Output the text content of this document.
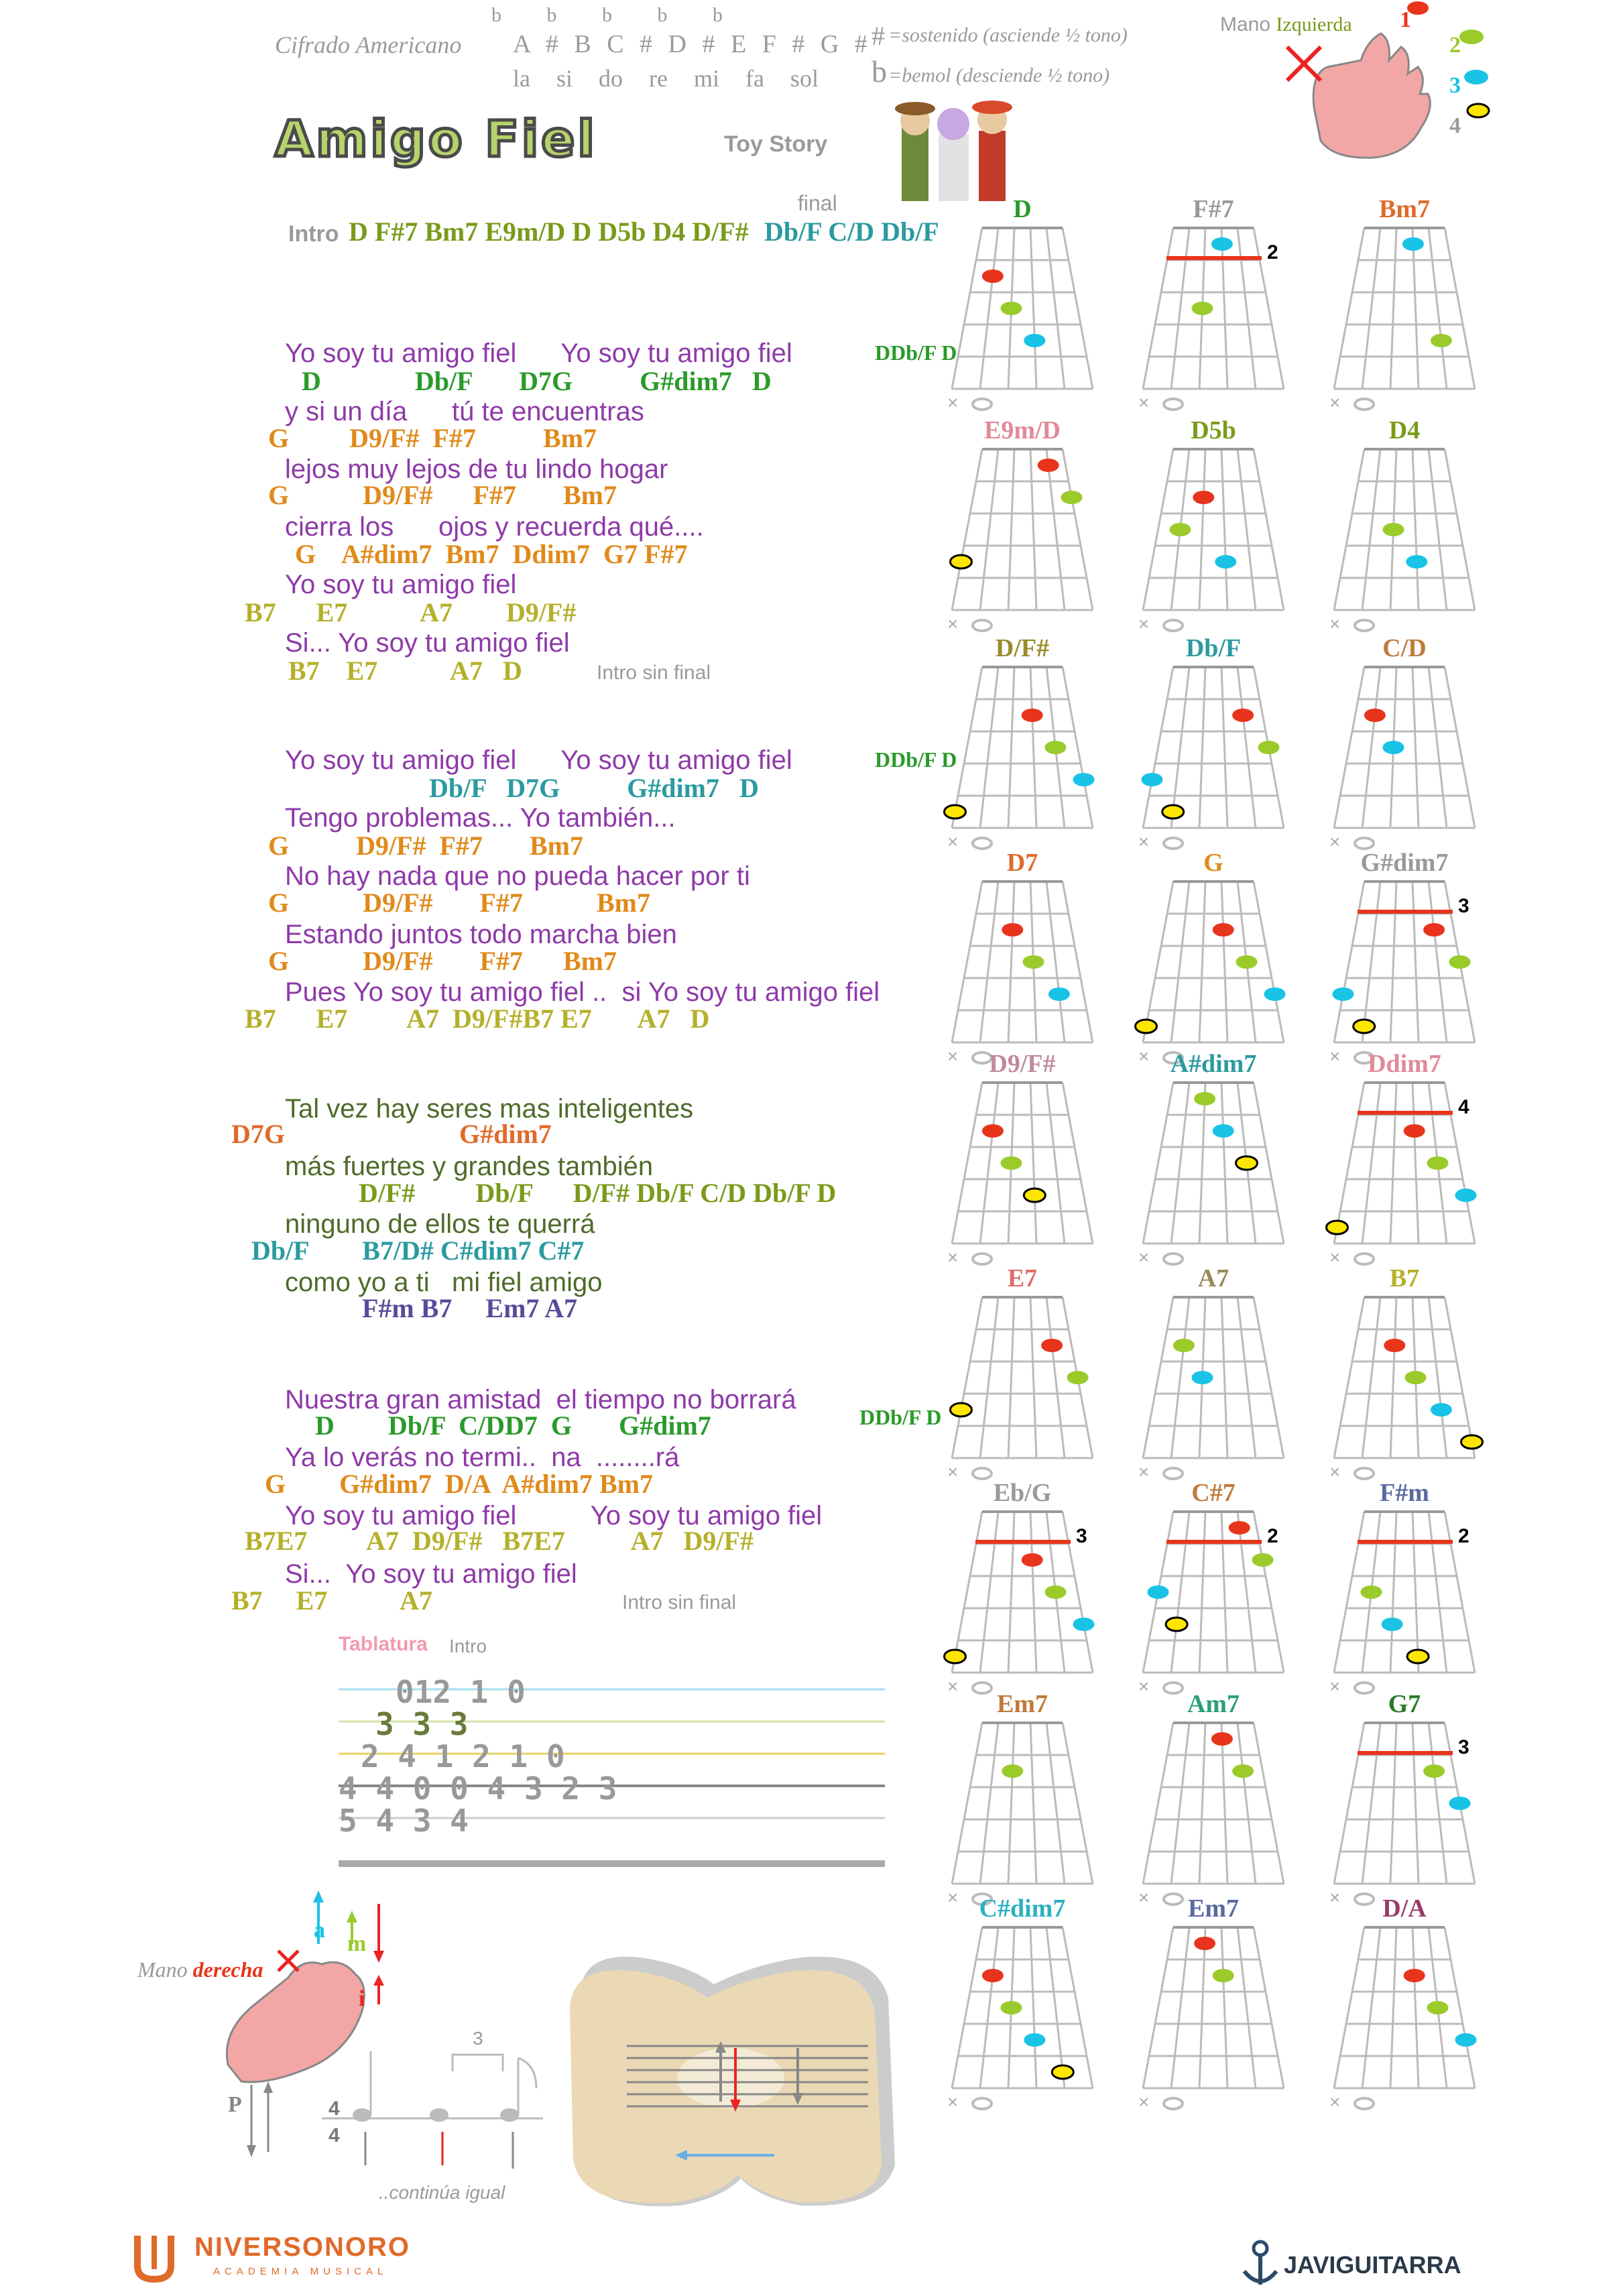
Cifrado Americano
b b b b b
A # B C # D # E F # G #
la si do re mi fa sol
# =sostenido (asciende ½ tono)
b =bemol (desciende ½ tono)
Mano Izquierda 1
2
3
4
Amigo Fiel	Toy Story
final
Intro D F#7 Bm7 E9m/D D D5b D4 D/F# Db/F C/D Db/F
Yo soy tu amigo fiel      Yo soy tu amigo fiel
D              Db/F       D7G          G#dim7   D
DDb/F D
y si un día      tú te encuentras
G         D9/F#  F#7          Bm7
lejos muy lejos de tu lindo hogar
G           D9/F#      F#7       Bm7
cierra los      ojos y recuerda qué....
G    A#dim7  Bm7  Ddim7  G7 F#7
Yo soy tu amigo fiel
B7      E7           A7        D9/F#
Si... Yo soy tu amigo fiel
B7    E7           A7   D	Intro sin final
Yo soy tu amigo fiel      Yo soy tu amigo fiel
Db/F   D7G          G#dim7   D
DDb/F D
Tengo problemas... Yo también...
G          D9/F#  F#7       Bm7
No hay nada que no pueda hacer por ti
G           D9/F#       F#7           Bm7
Estando juntos todo marcha bien
G           D9/F#       F#7      Bm7
Pues Yo soy tu amigo fiel ..  si Yo soy tu amigo fiel
B7      E7         A7  D9/F#B7 E7       A7   D
Tal vez hay seres mas inteligentes
D7G                          G#dim7
más fuertes y grandes también
D/F#         Db/F      D/F# Db/F C/D Db/F D
ninguno de ellos te querrá
Db/F        B7/D# C#dim7 C#7
como yo a ti   mi fiel amigo
F#m B7     Em7 A7
Nuestra gran amistad  el tiempo no borrará
D        Db/F  C/DD7  G       G#dim7	DDb/F D
Ya lo verás no termi..  na  ........rá
G        G#dim7  D/A  A#dim7 Bm7
Yo soy tu amigo fiel          Yo soy tu amigo fiel
B7E7         A7  D9/F#   B7E7          A7   D9/F#
Si...  Yo soy tu amigo fiel
B7     E7           A7	Intro sin final
Tablatura Intro
012 1 0
3 3 3
2 4 1 2 1 0
4 4 0 0 4 3 2 3
5 4 3 4
Mano derecha
a
m
i
P	4
4
3
..continúa igual
D
×
F#7
×
2
Bm7
×
E9m/D
×
D5b
×
D4
×
D/F#
×
Db/F
×
C/D
×
D7
×
G
×
G#dim7
×
3
D9/F#
×
A#dim7
×
Ddim7
×
4
E7
×
A7
×
B7
×
Eb/G
×
3
C#7
×
2
F#m
×
2
Em7
×
Am7
×
G7
×
3
C#dim7
×
Em7
×
D/A
×
NIVERSONORO
ACADEMIA MUSICAL	JAVIGUITARRA
